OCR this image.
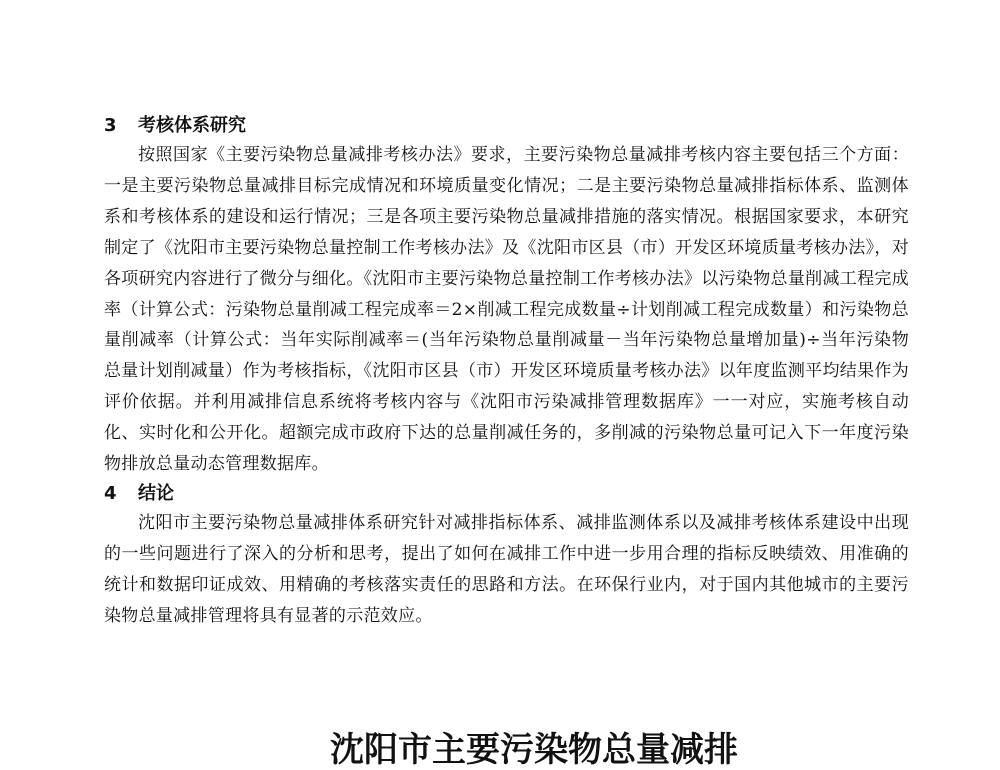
3 考核体系研究

按照国家《主要污染物总量减排考核办法》要求，主要污染物总量减排考核内容主要包括三个方面：一是主要污染物总量减排目标完成情况和环境质量变化情况；二是主要污染物总量减排指标体系、监测体系和考核体系的建设和运行情况；三是各项主要污染物总量减排措施的落实情况。根据国家要求，本研究制定了《沈阳市主要污染物总量控制工作考核办法》及《沈阳市区县（市）开发区环境质量考核办法》，对各项研究内容进行了微分与细化。《沈阳市主要污染物总量控制工作考核办法》以污染物总量削减工程完成率（计算公式：污染物总量削减工程完成率＝2×削减工程完成数量÷计划削减工程完成数量）和污染物总量削减率（计算公式：当年实际削减率＝(当年污染物总量削减量－当年污染物总量增加量)÷当年污染物总量计划削减量）作为考核指标，《沈阳市区县（市）开发区环境质量考核办法》以年度监测平均结果作为评价依据。并利用减排信息系统将考核内容与《沈阳市污染减排管理数据库》一一对应，实施考核自动化、实时化和公开化。超额完成市政府下达的总量削减任务的，多削减的污染物总量可记入下一年度污染物排放总量动态管理数据库。

4 结论

沈阳市主要污染物总量减排体系研究针对减排指标体系、减排监测体系以及减排考核体系建设中出现的一些问题进行了深入的分析和思考，提出了如何在减排工作中进一步用合理的指标反映绩效、用准确的统计和数据印证成效、用精确的考核落实责任的思路和方法。在环保行业内，对于国内其他城市的主要污染物总量减排管理将具有显著的示范效应。

沈阳市主要污染物总量减排
